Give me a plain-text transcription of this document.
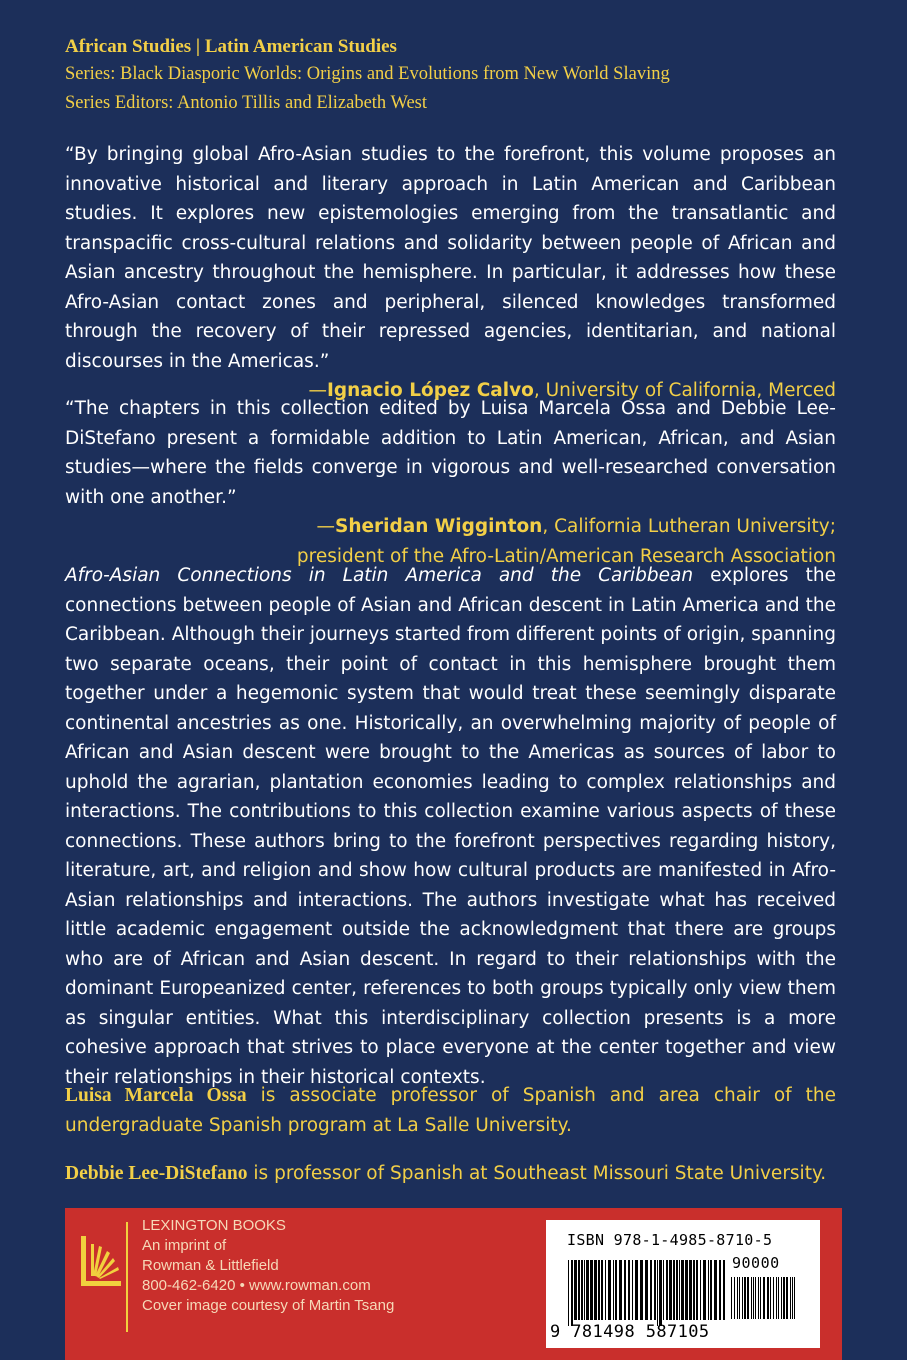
African Studies | Latin American Studies
Series: Black Diasporic Worlds: Origins and Evolutions from New World Slaving
Series Editors: Antonio Tillis and Elizabeth West
“By bringing global Afro-Asian studies to the forefront, this volume proposes an innovative historical and literary approach in Latin American and Caribbean studies. It explores new epistemologies emerging from the transatlantic and transpacific cross-cultural relations and solidarity between people of African and Asian ancestry throughout the hemisphere. In particular, it addresses how these Afro-Asian contact zones and peripheral, silenced knowledges transformed through the recovery of their repressed agencies, identitarian, and national discourses in the Americas.”
—Ignacio López Calvo, University of California, Merced
“The chapters in this collection edited by Luisa Marcela Ossa and Debbie Lee-DiStefano present a formidable addition to Latin American, African, and Asian studies—where the fields converge in vigorous and well-researched conversation with one another.”
—Sheridan Wigginton, California Lutheran University;
president of the Afro-Latin/American Research Association
Afro-Asian Connections in Latin America and the Caribbean explores the connections between people of Asian and African descent in Latin America and the Caribbean. Although their journeys started from different points of origin, spanning two separate oceans, their point of contact in this hemisphere brought them together under a hegemonic system that would treat these seemingly disparate continental ancestries as one. Historically, an overwhelming majority of people of African and Asian descent were brought to the Americas as sources of labor to uphold the agrarian, plantation economies leading to complex relationships and interactions. The contributions to this collection examine various aspects of these connections. These authors bring to the forefront perspectives regarding history, literature, art, and religion and show how cultural products are manifested in Afro-Asian relationships and interactions. The authors investigate what has received little academic engagement outside the acknowledgment that there are groups who are of African and Asian descent. In regard to their relationships with the dominant Europeanized center, references to both groups typically only view them as singular entities. What this interdisciplinary collection presents is a more cohesive approach that strives to place everyone at the center together and view their relationships in their historical contexts.
Luisa Marcela Ossa is associate professor of Spanish and area chair of the undergraduate Spanish program at La Salle University.
Debbie Lee-DiStefano is professor of Spanish at Southeast Missouri State University.
LEXINGTON BOOKS
An imprint of
Rowman & Littlefield
800-462-6420 • www.rowman.com
Cover image courtesy of Martin Tsang
ISBN 978-1-4985-8710-5
90000
9 781498 587105
